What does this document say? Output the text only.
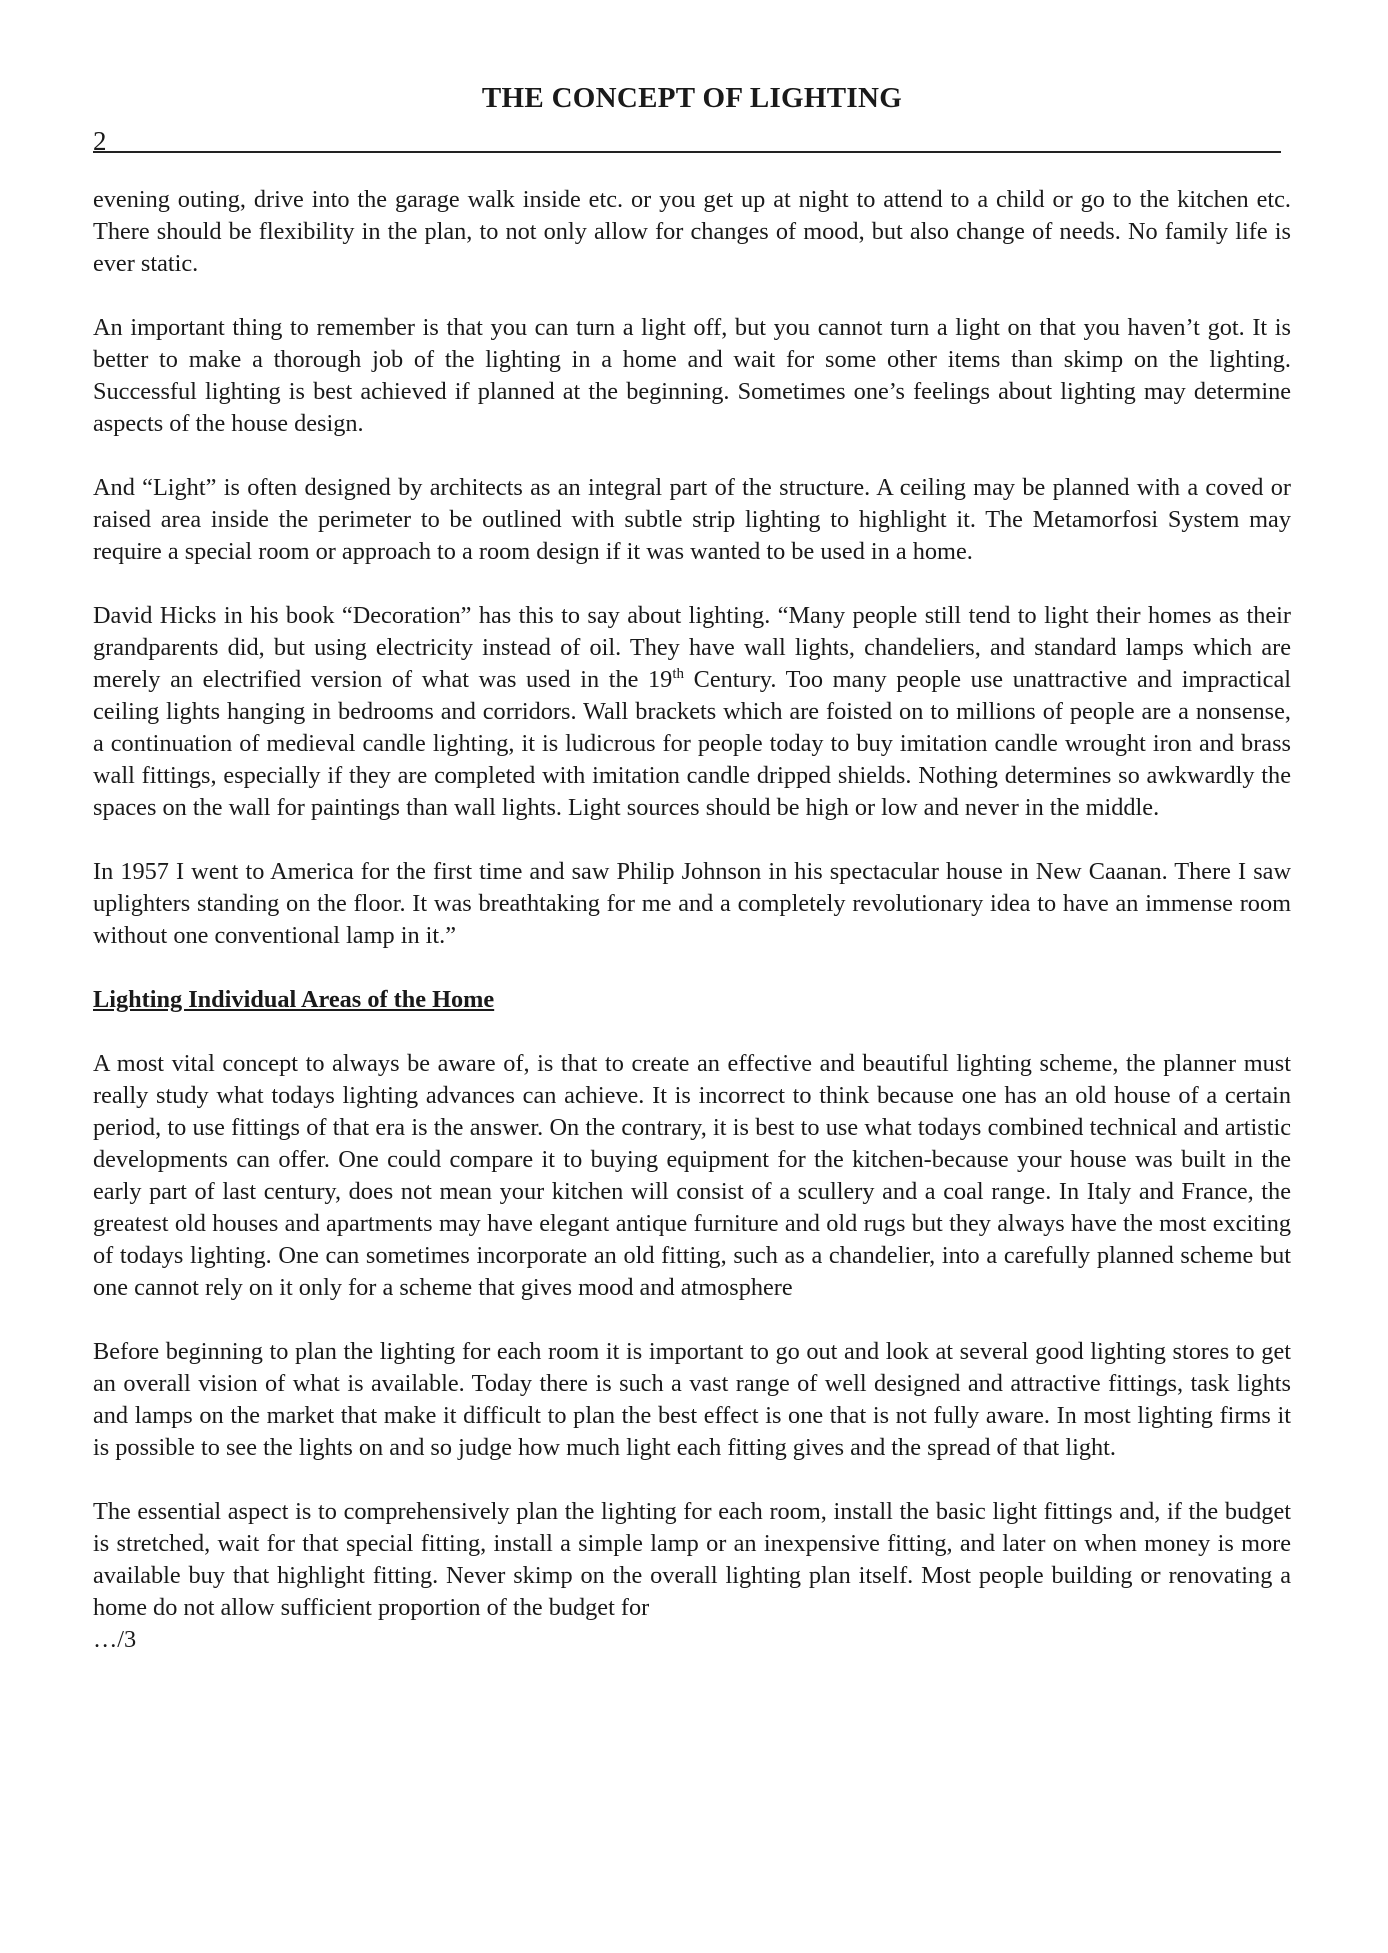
THE CONCEPT OF LIGHTING
2

evening outing, drive into the garage walk inside etc. or you get up at night to attend to a child or go to the kitchen etc. There should be flexibility in the plan, to not only allow for changes of mood, but also change of needs. No family life is ever static.

An important thing to remember is that you can turn a light off, but you cannot turn a light on that you haven’t got. It is better to make a thorough job of the lighting in a home and wait for some other items than skimp on the lighting. Successful lighting is best achieved if planned at the beginning. Sometimes one’s feelings about lighting may determine aspects of the house design.

And “Light” is often designed by architects as an integral part of the structure. A ceiling may be planned with a coved or raised area inside the perimeter to be outlined with subtle strip lighting to highlight it. The Metamorfosi System may require a special room or approach to a room design if it was wanted to be used in a home.

David Hicks in his book “Decoration” has this to say about lighting. “Many people still tend to light their homes as their grandparents did, but using electricity instead of oil. They have wall lights, chandeliers, and standard lamps which are merely an electrified version of what was used in the 19th Century. Too many people use unattractive and impractical ceiling lights hanging in bedrooms and corridors. Wall brackets which are foisted on to millions of people are a nonsense, a continuation of medieval candle lighting, it is ludicrous for people today to buy imitation candle wrought iron and brass wall fittings, especially if they are completed with imitation candle dripped shields. Nothing determines so awkwardly the spaces on the wall for paintings than wall lights. Light sources should be high or low and never in the middle.

In 1957 I went to America for the first time and saw Philip Johnson in his spectacular house in New Caanan. There I saw uplighters standing on the floor. It was breathtaking for me and a completely revolutionary idea to have an immense room without one conventional lamp in it.”

Lighting Individual Areas of the Home

A most vital concept to always be aware of, is that to create an effective and beautiful lighting scheme, the planner must really study what todays lighting advances can achieve. It is incorrect to think because one has an old house of a certain period, to use fittings of that era is the answer. On the contrary, it is best to use what todays combined technical and artistic developments can offer. One could compare it to buying equipment for the kitchen-because your house was built in the early part of last century, does not mean your kitchen will consist of a scullery and a coal range. In Italy and France, the greatest old houses and apartments may have elegant antique furniture and old rugs but they always have the most exciting of todays lighting. One can sometimes incorporate an old fitting, such as a chandelier, into a carefully planned scheme but one cannot rely on it only for a scheme that gives mood and atmosphere

Before beginning to plan the lighting for each room it is important to go out and look at several good lighting stores to get an overall vision of what is available. Today there is such a vast range of well designed and attractive fittings, task lights and lamps on the market that make it difficult to plan the best effect is one that is not fully aware. In most lighting firms it is possible to see the lights on and so judge how much light each fitting gives and the spread of that light.

The essential aspect is to comprehensively plan the lighting for each room, install the basic light fittings and, if the budget is stretched, wait for that special fitting, install a simple lamp or an inexpensive fitting, and later on when money is more available buy that highlight fitting. Never skimp on the overall lighting plan itself. Most people building or renovating a home do not allow sufficient proportion of the budget for

…/3
